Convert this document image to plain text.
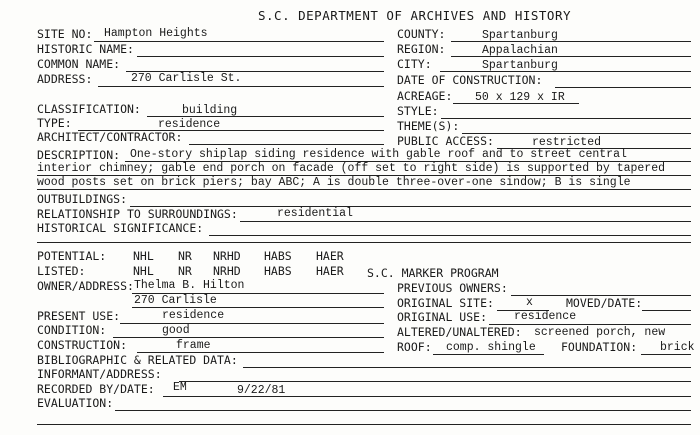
S.C. DEPARTMENT OF ARCHIVES AND HISTORY
SITE NO: Hampton Heights
HISTORIC NAME:
COMMON NAME:
ADDRESS:	270 Carlisle St.
COUNTY:	Spartanburg
REGION:	Appalachian
CITY:	Spartanburg
DATE OF CONSTRUCTION:
ACREAGE: 50 x 129 x IR
CLASSIFICATION:	building	STYLE:
TYPE:	residence	THEME(S):
ARCHITECT/CONTRACTOR:	PUBLIC ACCESS:	restricted
DESCRIPTION: One-story shiplap siding residence with gable roof and to street central
interior chimney; gable end porch on facade (off set to right side) is supported by tapered
wood posts set on brick piers; bay ABC; A is double three-over-one sindow; B is single
OUTBUILDINGS:
RELATIONSHIP TO SURROUNDINGS:	residential
HISTORICAL SIGNIFICANCE:
POTENTIAL: NHL NR NRHD HABS HAER
LISTED:	NHL NR NRHD HABS HAER S.C. MARKER PROGRAM
OWNER/ADDRESS: Thelma B. Hilton
270 Carlisle
PRESENT USE:	residence
CONDITION:	good
CONSTRUCTION:	frame
PREVIOUS OWNERS:
ORIGINAL SITE:	x	MOVED/DATE:
ORIGINAL USE: residence
ALTERED/UNALTERED: screened porch, new
ROOF: comp. shingle FOUNDATION: brick
BIBLIOGRAPHIC & RELATED DATA:
INFORMANT/ADDRESS:
RECORDED BY/DATE: EM	9/22/81
EVALUATION:
